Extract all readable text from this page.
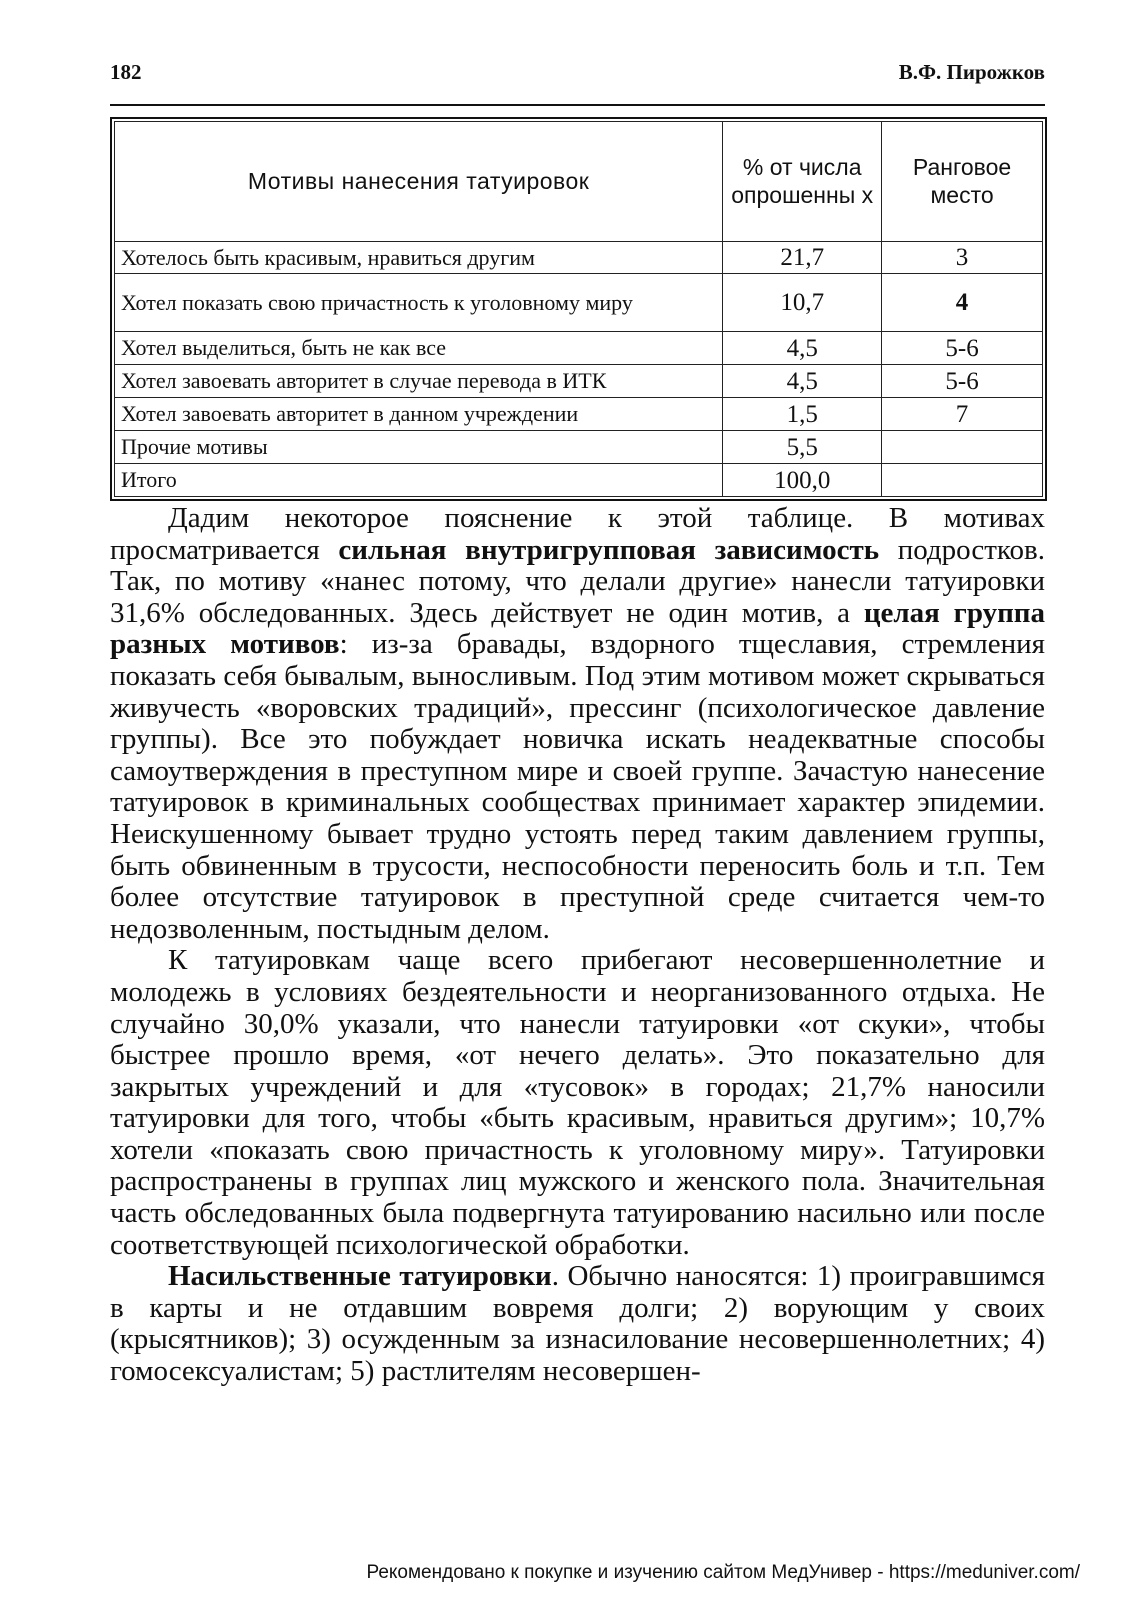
182	В.Ф. Пирожков
Мотивы нанесения татуировок	% от числа опрошенны х	Ранговое место
Хотелось быть красивым, нравиться другим	21,7	3
Хотел показать свою причастность к уголовному миру	10,7	4
Хотел выделиться, быть не как все	4,5	5-6
Хотел завоевать авторитет в случае перевода в ИТК	4,5	5-6
Хотел завоевать авторитет в данном учреждении	1,5	7
Прочие мотивы	5,5	
Итого	100,0	

Дадим некоторое пояснение к этой таблице. В мотивах просматривается сильная внутригрупповая зависимость подростков. Так, по мотиву «нанес потому, что делали другие» нанесли татуировки 31,6% обследованных. Здесь действует не один мотив, а целая группа разных мотивов: из-за бравады, вздорного тщеславия, стремления показать себя бывалым, выносливым. Под этим мотивом может скрываться живучесть «воровских традиций», прессинг (психологическое давление группы). Все это побуждает новичка искать неадекватные способы самоутверждения в преступном мире и своей группе. Зачастую нанесение татуировок в криминальных сообществах принимает характер эпидемии. Неискушенному бывает трудно устоять перед таким давлением группы, быть обвиненным в трусости, неспособности переносить боль и т.п. Тем более отсутствие татуировок в преступной среде считается чем-то недозволенным, постыдным делом.

К татуировкам чаще всего прибегают несовершеннолетние и молодежь в условиях бездеятельности и неорганизованного отдыха. Не случайно 30,0% указали, что нанесли татуировки «от скуки», чтобы быстрее прошло время, «от нечего делать». Это показательно для закрытых учреждений и для «тусовок» в городах; 21,7% наносили татуировки для того, чтобы «быть красивым, нравиться другим»; 10,7% хотели «показать свою причастность к уголовному миру». Татуировки распространены в группах лиц мужского и женского пола. Значительная часть обследованных была подвергнута татуированию насильно или после соответствующей психологической обработки.

Насильственные татуировки. Обычно наносятся: 1) проигравшимся в карты и не отдавшим вовремя долги; 2) ворующим у своих (крысятников); 3) осужденным за изнасилование несовершеннолетних; 4) гомосексуалистам; 5) растлителям несовершен-

Рекомендовано к покупке и изучению сайтом МедУнивер - https://meduniver.com/
